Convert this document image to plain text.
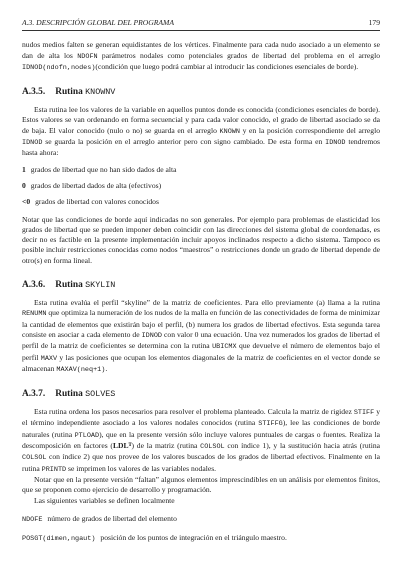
A.3. DESCRIPCIÓN GLOBAL DEL PROGRAMA	179

nudos medios falten se generan equidistantes de los vértices. Finalmente para cada nudo asociado a un elemento se dan de alta los NDOFN parámetros nodales como potenciales grados de libertad del problema en el arreglo IDNOD(ndofn,nodes)(condición que luego podrá cambiar al introducir las condiciones esenciales de borde).

A.3.5. Rutina KNOWNV

Esta rutina lee los valores de la variable en aquellos puntos donde es conocida (condiciones esenciales de borde). Estos valores se van ordenando en forma secuencial y para cada valor conocido, el grado de libertad asociado se da de baja. El valor conocido (nulo o no) se guarda en el arreglo KNOWN y en la posición correspondiente del arreglo IDNOD se guarda la posición en el arreglo anterior pero con signo cambiado. De esta forma en IDNOD tendremos hasta ahora:

1 grados de libertad que no han sido dados de alta
0 grados de libertad dados de alta (efectivos)
<0 grados de libertad con valores conocidos

Notar que las condiciones de borde aquí indicadas no son generales. Por ejemplo para problemas de elasticidad los grados de libertad que se pueden imponer deben coincidir con las direcciones del sistema global de coordenadas, es decir no es factible en la presente implementación incluir apoyos inclinados respecto a dicho sistema. Tampoco es posible incluir restricciones conocidas como nodos “maestros” o restricciones donde un grado de libertad depende de otro(s) en forma lineal.

A.3.6. Rutina SKYLIN

Esta rutina evalúa el perfil “skyline” de la matriz de coeficientes. Para ello previamente (a) llama a la rutina RENUMN que optimiza la numeración de los nudos de la malla en función de las conectividades de forma de minimizar la cantidad de elementos que existirán bajo el perfil, (b) numera los grados de libertad efectivos. Esta segunda tarea consiste en asociar a cada elemento de IDNOD con valor 0 una ecuación. Una vez numerados los grados de libertad el perfil de la matriz de coeficientes se determina con la rutina UBICMX que devuelve el número de elementos bajo el perfil MAXV y las posiciones que ocupan los elementos diagonales de la matriz de coeficientes en el vector donde se almacenan MAXAV(neq+1).

A.3.7. Rutina SOLVES

Esta rutina ordena los pasos necesarios para resolver el problema planteado. Calcula la matriz de rigidez STIFF y el término independiente asociado a los valores nodales conocidos (rutina STIFFG), lee las condiciones de borde naturales (rutina PTLOAD), que en la presente versión sólo incluye valores puntuales de cargas o fuentes. Realiza la descomposición en factores (LDLᵀ) de la matriz (rutina COLSOL con índice 1), y la sustitución hacia atrás (rutina COLSOL con índice 2) que nos provee de los valores buscados de los grados de libertad efectivos. Finalmente en la rutina PRINTD se imprimen los valores de las variables nodales.

Notar que en la presente versión “faltan” algunos elementos imprescindibles en un análisis por elementos finitos, que se proponen como ejercicio de desarrollo y programación.

Las siguientes variables se definen localmente

NDOFE número de grados de libertad del elemento
POSGT(dimen,ngaut) posición de los puntos de integración en el triángulo maestro.
